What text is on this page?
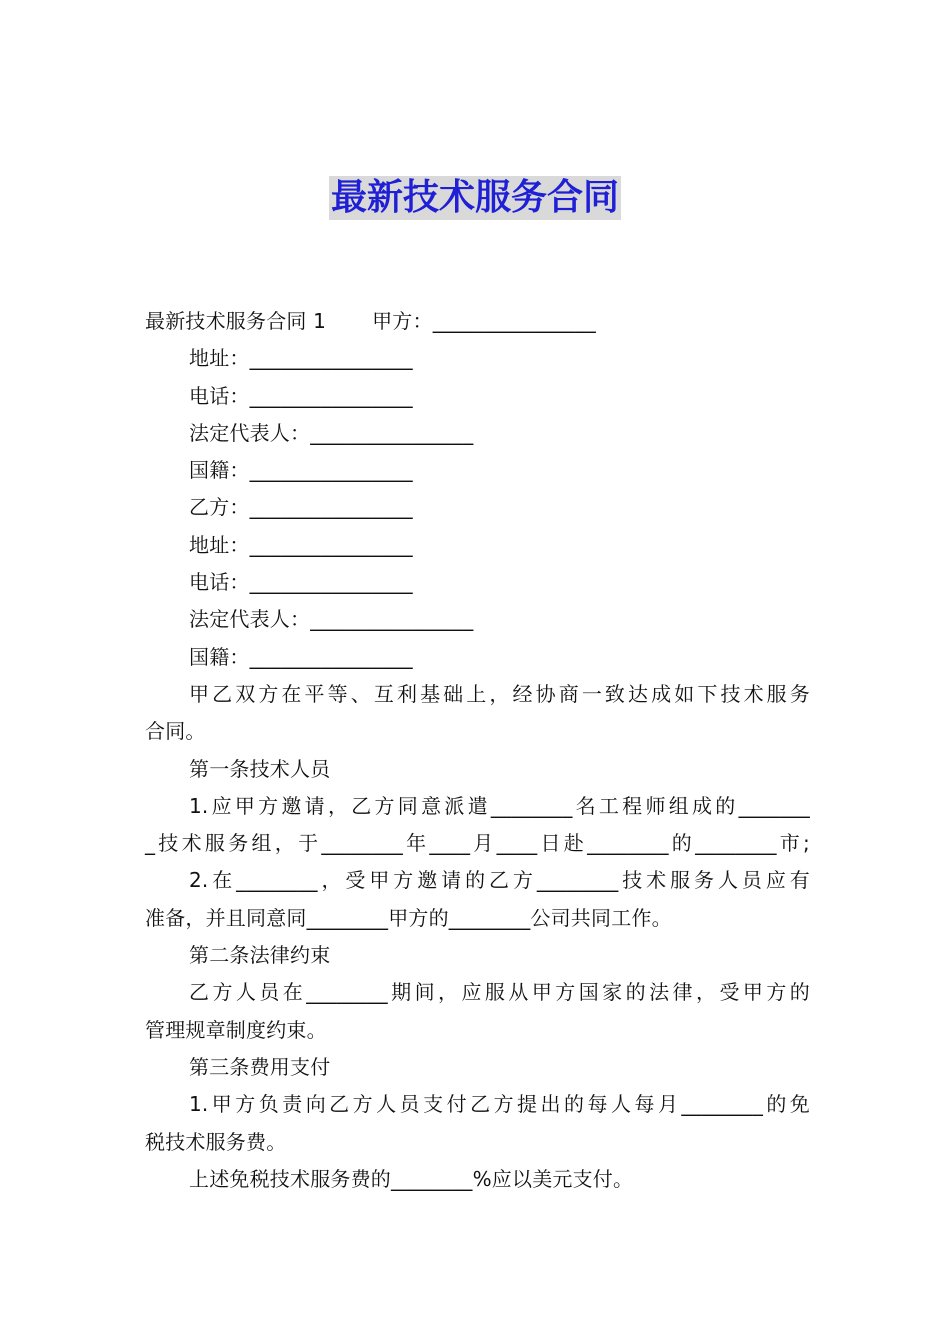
最新技术服务合同
最新技术服务合同 1 甲方：________________
地址：________________
电话：________________
法定代表人：________________
国籍：________________
乙方：________________
地址：________________
电话：________________
法定代表人：________________
国籍：________________
甲乙双方在平等、互利基础上，经协商一致达成如下技术服务
合同。
第一条技术人员
1.应甲方邀请，乙方同意派遣________名工程师组成的_______
_技术服务组，于________年____月____日赴________的________市;
2.在________，受甲方邀请的乙方________技术服务人员应有
准备，并且同意同________甲方的________公司共同工作。
第二条法律约束
乙方人员在________期间，应服从甲方国家的法律，受甲方的
管理规章制度约束。
第三条费用支付
1.甲方负责向乙方人员支付乙方提出的每人每月________的免
税技术服务费。
上述免税技术服务费的________%应以美元支付。
